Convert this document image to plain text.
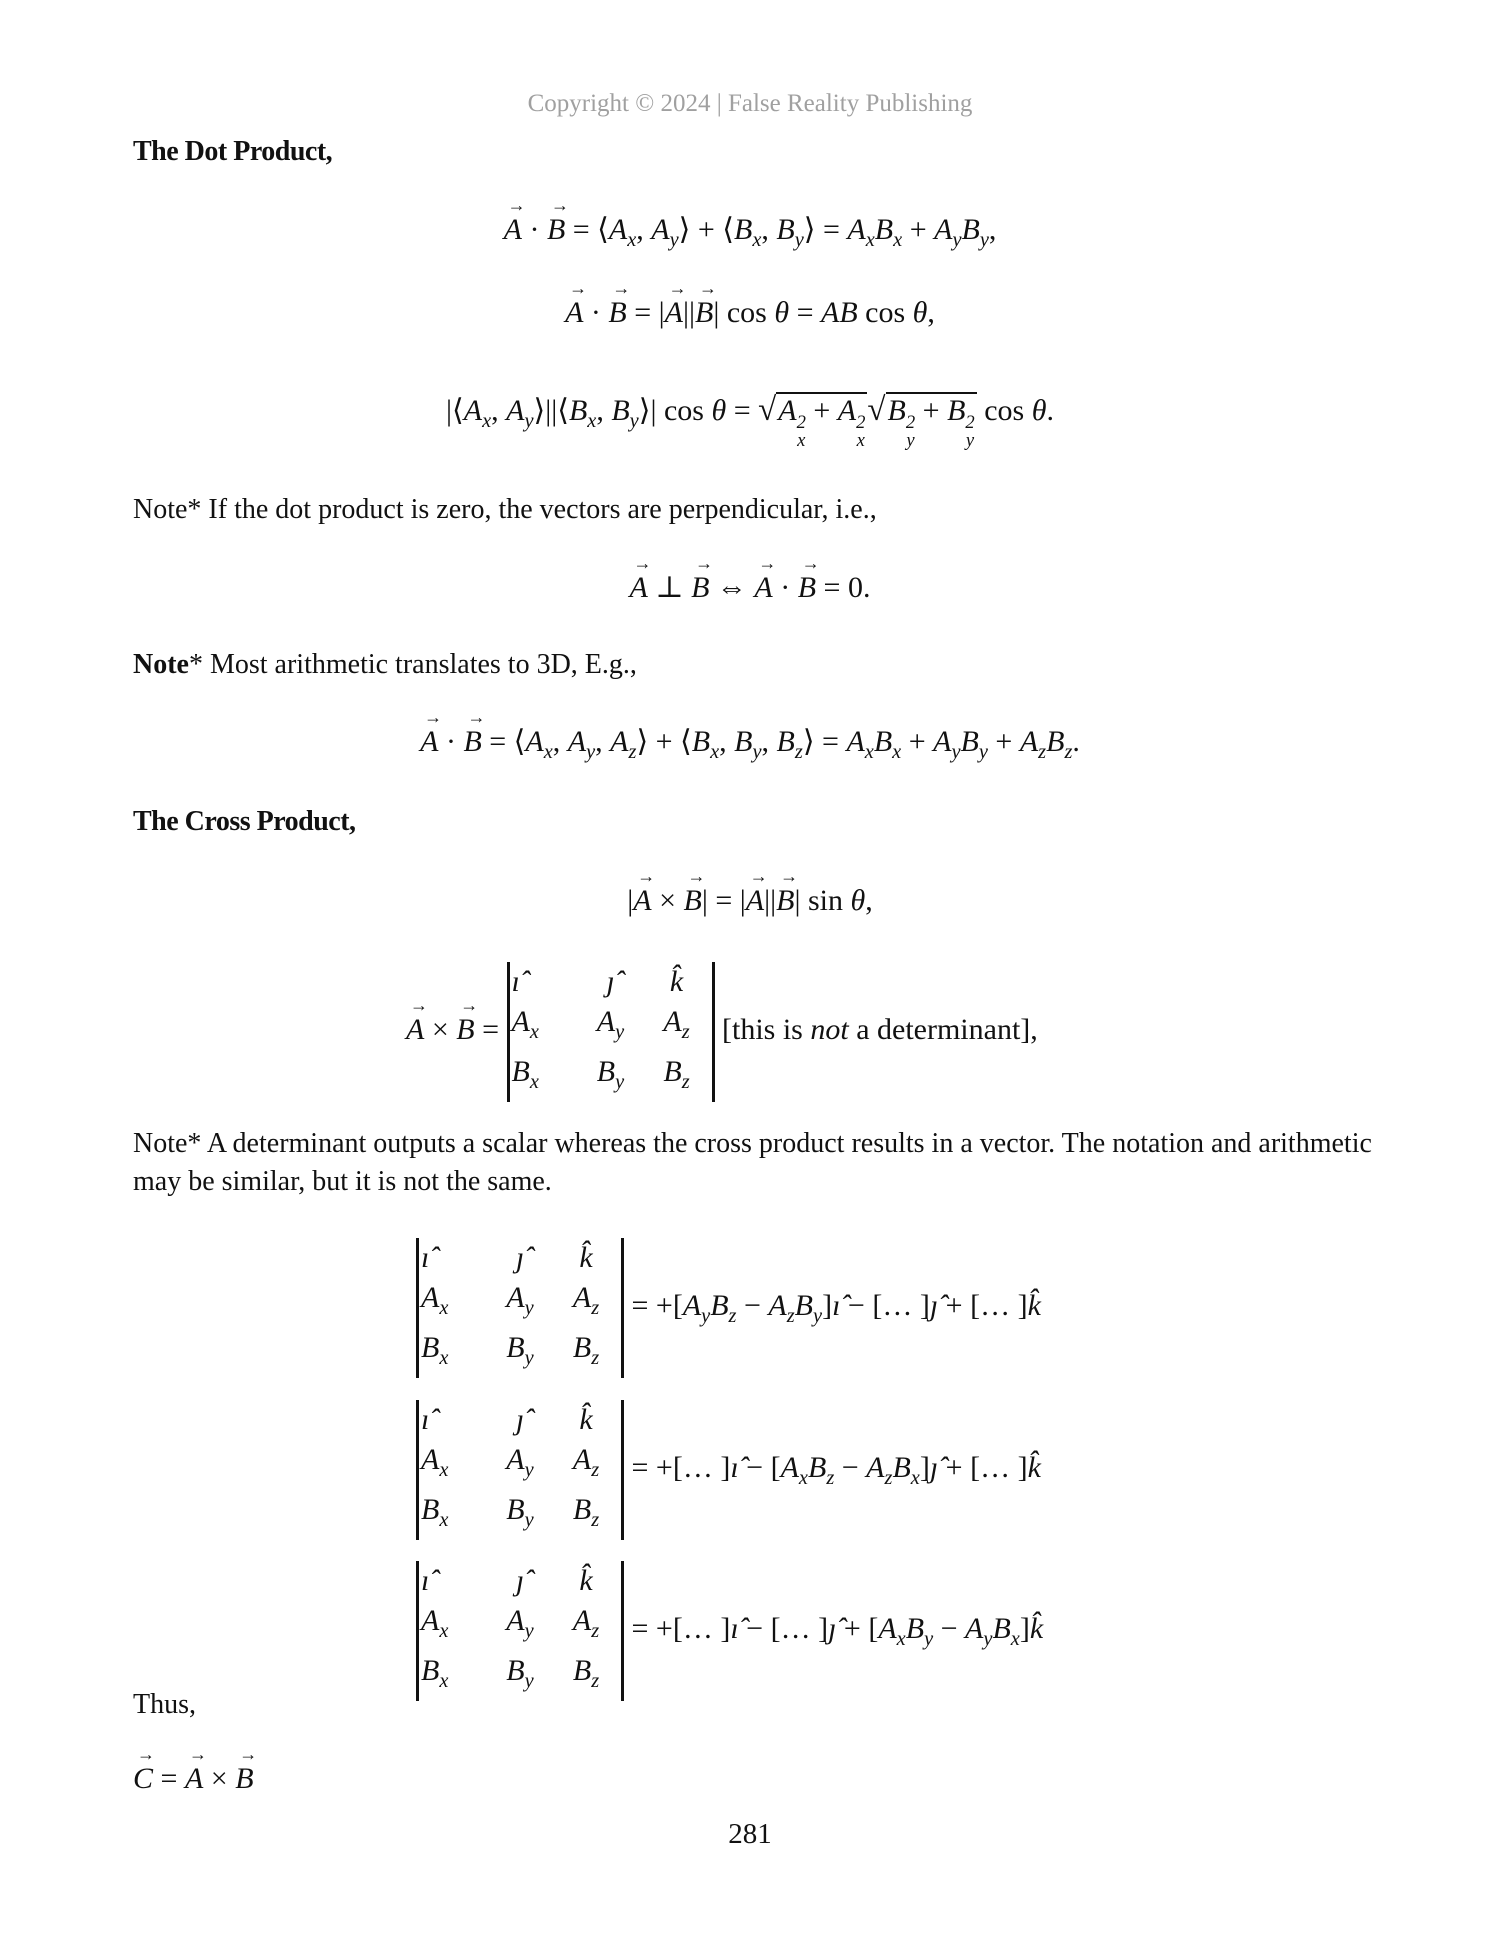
Copyright © 2024 | False Reality Publishing
The Dot Product,
A
→
· B
→
= $⟨A_x$, $A_y⟩$ + $⟨B_x$, $B_y⟩ = A_xB_x + A_yB_y$,
A
→
· B
→
= |A
→
||B
→
| cos θ = AB cos θ,
$|⟨A_x$, $A_y⟩||⟨B_x$, $B_y⟩|$ cos θ = √A 2
x
+ A 2
x
√B 2
y
+ B 2
y
cos θ.
Note* If the dot product is zero, the vectors are perpendicular, i.e.,
A
→
⊥ B
→
⇔ A
→
· B
→
= 0.
Note* Most arithmetic translates to 3D, E.g.,
A
→
· B
→
= $⟨A_x$, $A_y$, $A_z⟩$ + $⟨B_x$, $B_y$, $B_z⟩ = A_xB_x + A_yB_y + A_zB_z$.
The Cross Product,
|A
→
× B
→
| = |A
→
||B
→
| sin θ,
A
→
× B
→
=
ı̂	ȷ̂	k̂
$A_x$	$A_y$	$A_z$
$B_x$	$B_y$	$B_z$
[this is not a determinant],
Note* A determinant outputs a scalar whereas the cross product results in a vector. The notation and arithmetic may be similar, but it is not the same.
ı̂	ȷ̂	k̂
$A_x$	$A_y$	$A_z$
$B_x$	$B_y$	$B_z$
= $+[A_yB_z$ − $A_zB_y]ı̂$ − [… ]ȷ̂ + [… ]k̂
ı̂	ȷ̂	k̂
$A_x$	$A_y$	$A_z$
$B_x$	$B_y$	$B_z$
= +[… ]ı̂ − [$A_xB_z$ − $A_zB_x]ȷ̂$ + [… ]k̂
ı̂	ȷ̂	k̂
$A_x$	$A_y$	$A_z$
$B_x$	$B_y$	$B_z$
= +[… ]ı̂ − [… ]ȷ̂ + [$A_xB_y$ − $A_yB_x]k̂$
Thus,
C
→
= A
→
× B
→
281
